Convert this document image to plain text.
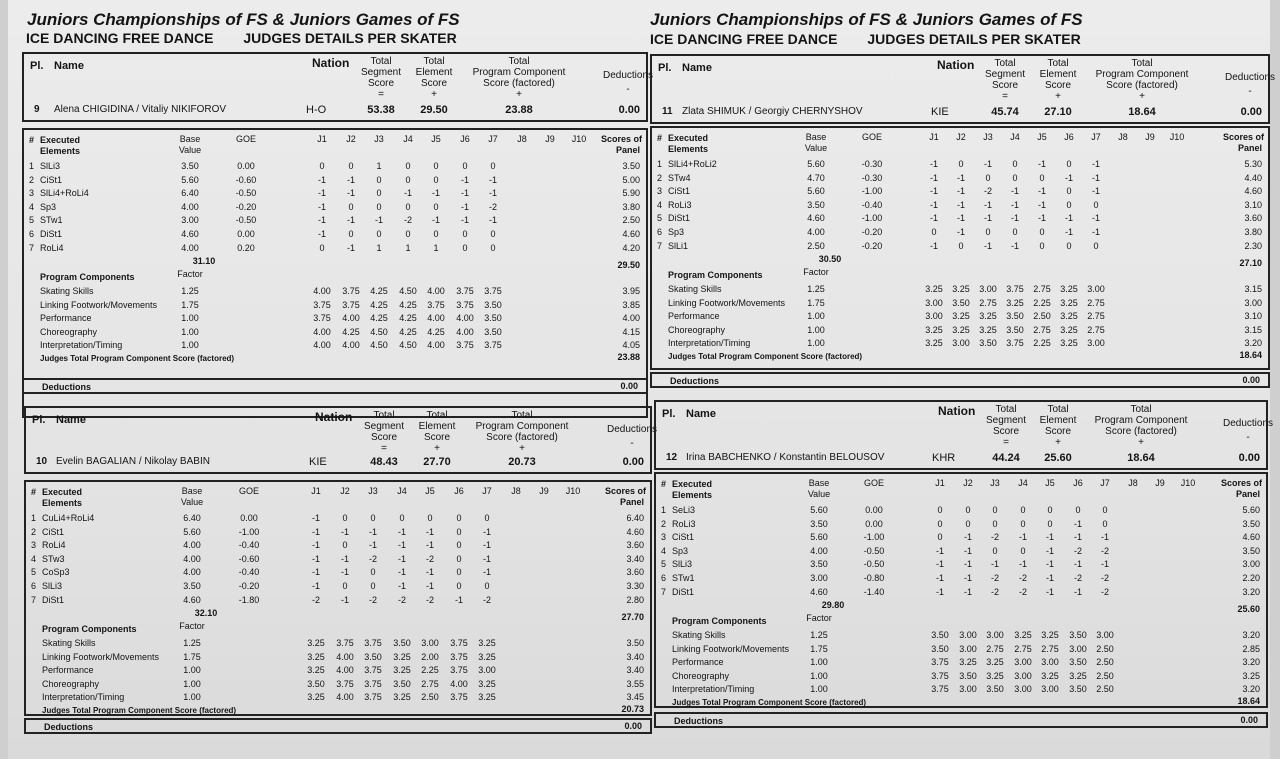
Juniors Championships of FS & Juniors Games of FS
ICE DANCING FREE DANCE JUDGES DETAILS PER SKATER
Juniors Championships of FS & Juniors Games of FS
ICE DANCING FREE DANCE JUDGES DETAILS PER SKATER
Pl. Name	Nation Total
Segment
Score
=
Total
Element
Score
+
Total
Program Component
Score (factored)
+
Deductions
-
9 Alena CHIGIDINA / Vitaliy NIKIFOROV	H-O	53.38 29.50	23.88	0.00
# Executed
Elements
Base
Value
GOE	J1 J2 J3 J4 J5 J6 J7 J8 J9 J10 Scores of
Panel
1 SlLi3	3.50	0.00	0	0	1	0	0	0	0	3.50
2 CiSt1	5.60	-0.60	-1 -1 0	0	0 -1 -1	5.00
3 SlLi4+RoLi4	6.40	-0.50	-1 -1 0 -1 -1 -1 -1	5.90
4 Sp3	4.00	-0.20	-1 0	0	0	0 -1 -2	3.80
5 STw1	3.00	-0.50	-1 -1 -1 -2 -1 -1 -1	2.50
6 DiSt1	4.60	0.00	-1 0	0	0	0	0	0	4.60
7 RoLi4	4.00	0.20	0 -1 1	1	1	0	0	4.20
31.10	29.50
Program Components	Factor
Skating Skills	1.25	4.00 3.75 4.25 4.50 4.00 3.75 3.75	3.95
Linking Footwork/Movements	1.75	3.75 3.75 4.25 4.25 3.75 3.75 3.50	3.85
Performance	1.00	3.75 4.00 4.25 4.25 4.00 4.00 3.50	4.00
Choreography	1.00	4.00 4.25 4.50 4.25 4.25 4.00 3.50	4.15
Interpretation/Timing	1.00	4.00 4.00 4.50 4.50 4.00 3.75 3.75	4.05
Judges Total Program Component Score (factored)	23.88
Deductions	0.00
Pl. Name	Nation Total
Segment
Score
=
Total
Element
Score
+
Total
Program Component
Score (factored)
+
Deductions
-
11 Zlata SHIMUK / Georgiy CHERNYSHOV	KIE	45.74 27.10	18.64	0.00
# Executed
Elements
Base
Value
GOE	J1 J2 J3 J4 J5 J6 J7 J8 J9 J10	Scores of
Panel
1 SlLi4+RoLi2	5.60	-0.30	-1 0 -1 0 -1 0 -1	5.30
2 STw4	4.70	-0.30	-1 -1 0 0 0 -1 -1	4.40
3 CiSt1	5.60	-1.00	-1 -1 -2 -1 -1 0 -1	4.60
4 RoLi3	3.50	-0.40	-1 -1 -1 -1 -1 0 0	3.10
5 DiSt1	4.60	-1.00	-1 -1 -1 -1 -1 -1 -1	3.60
6 Sp3	4.00	-0.20	0 -1 0 0 0 -1 -1	3.80
7 SlLi1	2.50	-0.20	-1 0 -1 -1 0 0 0	2.30
30.50	27.10
Program Components	Factor
Skating Skills	1.25	3.25 3.25 3.00 3.75 2.75 3.25 3.00	3.15
Linking Footwork/Movements 1.75	3.00 3.50 2.75 3.25 2.25 3.25 2.75	3.00
Performance	1.00	3.00 3.25 3.25 3.50 2.50 3.25 2.75	3.10
Choreography	1.00	3.25 3.25 3.25 3.50 2.75 3.25 2.75	3.15
Interpretation/Timing	1.00	3.25 3.00 3.50 3.75 2.25 3.25 3.00	3.20
Judges Total Program Component Score (factored)	18.64
Deductions	0.00
Pl. Name	Nation Total
Segment
Score
=
Total
Element
Score
+
Total
Program Component
Score (factored)
+
Deductions
-
10 Evelin BAGALIAN / Nikolay BABIN	KIE	48.43 27.70	20.73	0.00
# Executed
Elements
Base
Value
GOE	J1 J2 J3 J4 J5 J6 J7 J8 J9 J10	Scores of
Panel
1 CuLi4+RoLi4	6.40	0.00	-1 0	0	0	0	0	0	6.40
2 CiSt1	5.60	-1.00	-1 -1 -1 -1 -1 0 -1	4.60
3 RoLi4	4.00	-0.40	-1 0 -1 -1 -1 0 -1	3.60
4 STw3	4.00	-0.60	-1 -1 -2 -1 -2 0 -1	3.40
5 CoSp3	4.00	-0.40	-1 -1 0 -1 -1 0 -1	3.60
6 SlLi3	3.50	-0.20	-1 0	0 -1 -1 0	0	3.30
7 DiSt1	4.60	-1.80	-2 -1 -2 -2 -2 -1 -2	2.80
32.10	27.70
Program Components	Factor
Skating Skills	1.25	3.25 3.75 3.75 3.50 3.00 3.75 3.25	3.50
Linking Footwork/Movements	1.75	3.25 4.00 3.50 3.25 2.00 3.75 3.25	3.40
Performance	1.00	3.25 4.00 3.75 3.25 2.25 3.75 3.00	3.40
Choreography	1.00	3.50 3.75 3.75 3.50 2.75 4.00 3.25	3.55
Interpretation/Timing	1.00	3.25 4.00 3.75 3.25 2.50 3.75 3.25	3.45
Judges Total Program Component Score (factored)	20.73
Deductions	0.00
Pl. Name	Nation Total
Segment
Score
=
Total
Element
Score
+
Total
Program Component
Score (factored)
+
Deductions
-
12 Irina BABCHENKO / Konstantin BELOUSOV	KHR	44.24 25.60	18.64	0.00
# Executed
Elements
Base
Value
GOE	J1 J2 J3 J4 J5 J6 J7 J8 J9 J10	Scores of
Panel
1 SeLi3	5.60	0.00	0	0 0	0 0	0 0	5.60
2 RoLi3	3.50	0.00	0	0 0	0 0 -1 0	3.50
3 CiSt1	5.60	-1.00	0 -1 -2 -1 -1 -1 -1	4.60
4 Sp3	4.00	-0.50	-1 -1 0	0 -1 -2 -2	3.50
5 SlLi3	3.50	-0.50	-1 -1 -1 -1 -1 -1 -1	3.00
6 STw1	3.00	-0.80	-1 -1 -2 -2 -1 -2 -2	2.20
7 DiSt1	4.60	-1.40	-1 -1 -2 -2 -1 -1 -2	3.20
29.80	25.60
Program Components	Factor
Skating Skills	1.25	3.50 3.00 3.00 3.25 3.25 3.50 3.00	3.20
Linking Footwork/Movements 1.75	3.50 3.00 2.75 2.75 2.75 3.00 2.50	2.85
Performance	1.00	3.75 3.25 3.25 3.00 3.00 3.50 2.50	3.20
Choreography	1.00	3.75 3.50 3.25 3.00 3.25 3.25 2.50	3.25
Interpretation/Timing	1.00	3.75 3.00 3.50 3.00 3.00 3.50 2.50	3.20
Judges Total Program Component Score (factored)	18.64
Deductions	0.00
